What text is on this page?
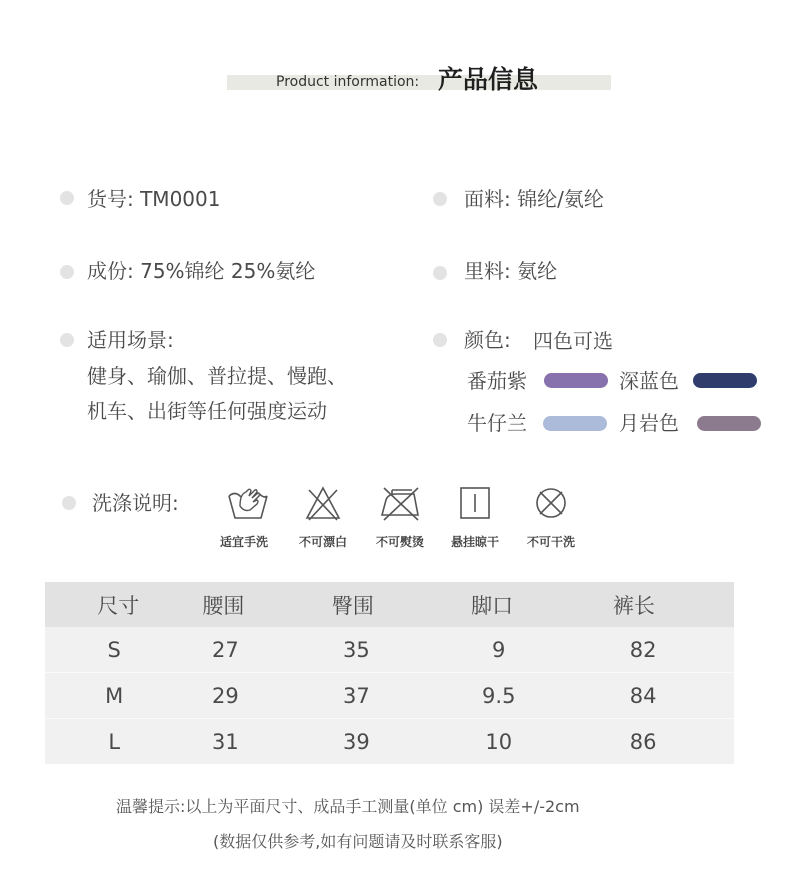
Product information: 产品信息
货号: TM0001
成份: 75%锦纶 25%氨纶
适用场景:
健身、瑜伽、普拉提、慢跑、
机车、出街等任何强度运动
面料: 锦纶/氨纶
里料: 氨纶
颜色: 四色可选
番茄紫	深蓝色
牛仔兰	月岩色
洗涤说明:
适宜手洗	不可漂白	不可熨烫	悬挂晾干	不可干洗
尺寸	腰围	臀围	脚口	裤长
S	27	35	9	82
M	29	37	9.5	84
L	31	39	10	86
温馨提示:以上为平面尺寸、成品手工测量(单位 cm) 误差+/-2cm
(数据仅供参考,如有问题请及时联系客服)
